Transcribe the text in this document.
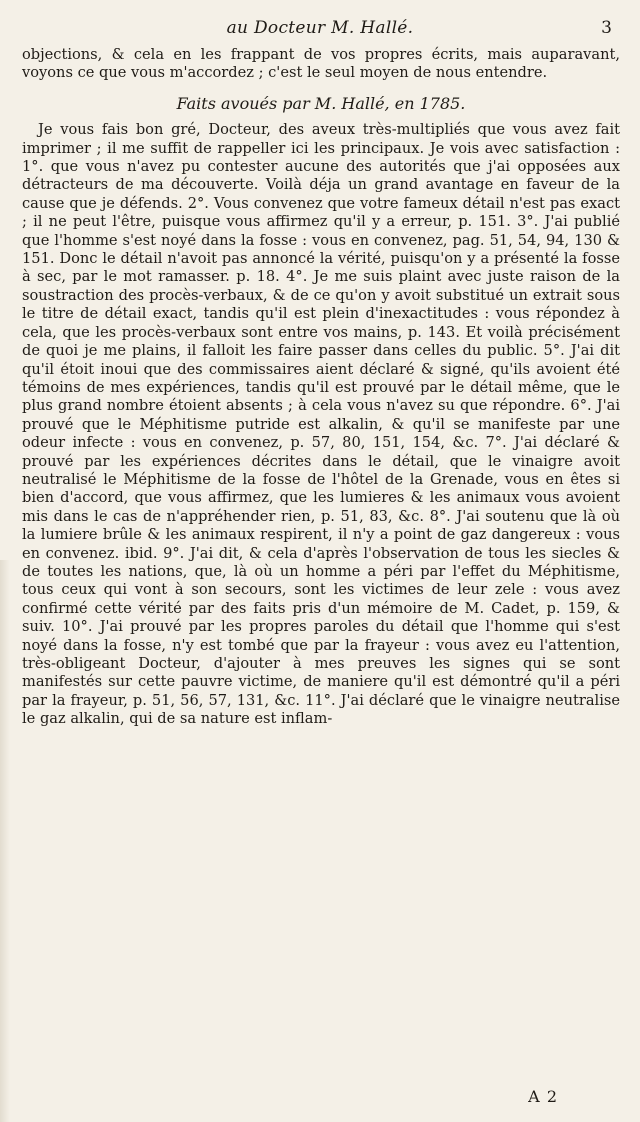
au Docteur M. Hallé.	3

objections, & cela en les frappant de vos propres écrits, mais auparavant, voyons ce que vous m'accordez ; c'est le seul moyen de nous entendre.

Faits avoués par M. Hallé, en 1785.

Je vous fais bon gré, Docteur, des aveux très-multipliés que vous avez fait imprimer ; il me suffit de rappeller ici les principaux. Je vois avec satisfaction : 1°. que vous n'avez pu contester aucune des autorités que j'ai opposées aux détracteurs de ma découverte. Voilà déja un grand avantage en faveur de la cause que je défends. 2°. Vous convenez que votre fameux détail n'est pas exact ; il ne peut l'être, puisque vous affirmez qu'il y a erreur, p. 151. 3°. J'ai publié que l'homme s'est noyé dans la fosse : vous en convenez, pag. 51, 54, 94, 130 & 151. Donc le détail n'avoit pas annoncé la vérité, puisqu'on y a présenté la fosse à sec, par le mot ramasser. p. 18. 4°. Je me suis plaint avec juste raison de la soustraction des procès-verbaux, & de ce qu'on y avoit substitué un extrait sous le titre de détail exact, tandis qu'il est plein d'inexactitudes : vous répondez à cela, que les procès-verbaux sont entre vos mains, p. 143. Et voilà précisément de quoi je me plains, il falloit les faire passer dans celles du public. 5°. J'ai dit qu'il étoit inoui que des commissaires aient déclaré & signé, qu'ils avoient été témoins de mes expériences, tandis qu'il est prouvé par le détail même, que le plus grand nombre étoient absents ; à cela vous n'avez su que répondre. 6°. J'ai prouvé que le Méphitisme putride est alkalin, & qu'il se manifeste par une odeur infecte : vous en convenez, p. 57, 80, 151, 154, &c. 7°. J'ai déclaré & prouvé par les expériences décrites dans le détail, que le vinaigre avoit neutralisé le Méphitisme de la fosse de l'hôtel de la Grenade, vous en êtes si bien d'accord, que vous affirmez, que les lumieres & les animaux vous avoient mis dans le cas de n'appréhender rien, p. 51, 83, &c. 8°. J'ai soutenu que là où la lumiere brûle & les animaux respirent, il n'y a point de gaz dangereux : vous en convenez. ibid. 9°. J'ai dit, & cela d'après l'observation de tous les siecles & de toutes les nations, que, là où un homme a péri par l'effet du Méphitisme, tous ceux qui vont à son secours, sont les victimes de leur zele : vous avez confirmé cette vérité par des faits pris d'un mémoire de M. Cadet, p. 159, & suiv. 10°. J'ai prouvé par les propres paroles du détail que l'homme qui s'est noyé dans la fosse, n'y est tombé que par la frayeur : vous avez eu l'attention, très-obligeant Docteur, d'ajouter à mes preuves les signes qui se sont manifestés sur cette pauvre victime, de maniere qu'il est démontré qu'il a péri par la frayeur, p. 51, 56, 57, 131, &c. 11°. J'ai déclaré que le vinaigre neutralise le gaz alkalin, qui de sa nature est inflam-

A 2
